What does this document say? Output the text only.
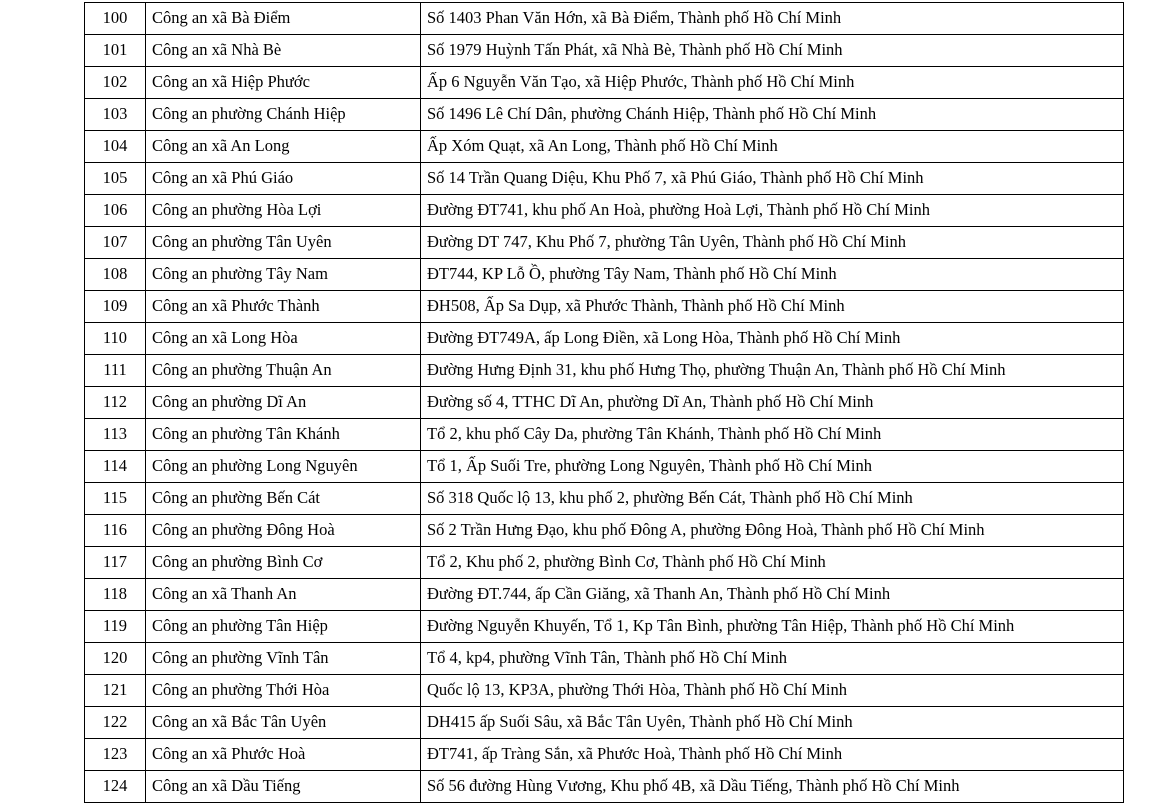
100	Công an xã Bà Điểm	Số 1403 Phan Văn Hớn, xã Bà Điểm, Thành phố Hồ Chí Minh
101	Công an xã Nhà Bè	Số 1979 Huỳnh Tấn Phát, xã Nhà Bè, Thành phố Hồ Chí Minh
102	Công an xã Hiệp Phước	Ấp 6 Nguyễn Văn Tạo, xã Hiệp Phước, Thành phố Hồ Chí Minh
103	Công an phường Chánh Hiệp	Số 1496 Lê Chí Dân, phường Chánh Hiệp, Thành phố Hồ Chí Minh
104	Công an xã An Long	Ấp Xóm Quạt, xã An Long, Thành phố Hồ Chí Minh
105	Công an xã Phú Giáo	Số 14 Trần Quang Diệu, Khu Phố 7, xã Phú Giáo, Thành phố Hồ Chí Minh
106	Công an phường Hòa Lợi	Đường ĐT741, khu phố An Hoà, phường Hoà Lợi, Thành phố Hồ Chí Minh
107	Công an phường Tân Uyên	Đường DT 747, Khu Phố 7, phường Tân Uyên, Thành phố Hồ Chí Minh
108	Công an phường Tây Nam	ĐT744, KP Lỗ Ồ, phường Tây Nam, Thành phố Hồ Chí Minh
109	Công an xã Phước Thành	ĐH508, Ấp Sa Dụp, xã Phước Thành, Thành phố Hồ Chí Minh
110	Công an xã Long Hòa	Đường ĐT749A, ấp Long Điền, xã Long Hòa, Thành phố Hồ Chí Minh
111	Công an phường Thuận An	Đường Hưng Định 31, khu phố Hưng Thọ, phường Thuận An, Thành phố Hồ Chí Minh
112	Công an phường Dĩ An	Đường số 4, TTHC Dĩ An, phường Dĩ An, Thành phố Hồ Chí Minh
113	Công an phường Tân Khánh	Tổ 2, khu phố Cây Da, phường Tân Khánh, Thành phố Hồ Chí Minh
114	Công an phường Long Nguyên	Tổ 1, Ấp Suối Tre, phường Long Nguyên, Thành phố Hồ Chí Minh
115	Công an phường Bến Cát	Số 318 Quốc lộ 13, khu phố 2, phường Bến Cát, Thành phố Hồ Chí Minh
116	Công an phường Đông Hoà	Số 2 Trần Hưng Đạo, khu phố Đông A, phường Đông Hoà, Thành phố Hồ Chí Minh
117	Công an phường Bình Cơ	Tổ 2, Khu phố 2, phường Bình Cơ, Thành phố Hồ Chí Minh
118	Công an xã Thanh An	Đường ĐT.744, ấp Cần Giăng, xã Thanh An, Thành phố Hồ Chí Minh
119	Công an phường Tân Hiệp	Đường Nguyễn Khuyến, Tổ 1, Kp Tân Bình, phường Tân Hiệp, Thành phố Hồ Chí Minh
120	Công an phường Vĩnh Tân	Tổ 4, kp4, phường Vĩnh Tân, Thành phố Hồ Chí Minh
121	Công an phường Thới Hòa	Quốc lộ 13, KP3A, phường Thới Hòa, Thành phố Hồ Chí Minh
122	Công an xã Bắc Tân Uyên	DH415 ấp Suối Sâu, xã Bắc Tân Uyên, Thành phố Hồ Chí Minh
123	Công an xã Phước Hoà	ĐT741, ấp Tràng Sắn, xã Phước Hoà, Thành phố Hồ Chí Minh
124	Công an xã Dầu Tiếng	Số 56 đường Hùng Vương, Khu phố 4B, xã Dầu Tiếng, Thành phố Hồ Chí Minh
